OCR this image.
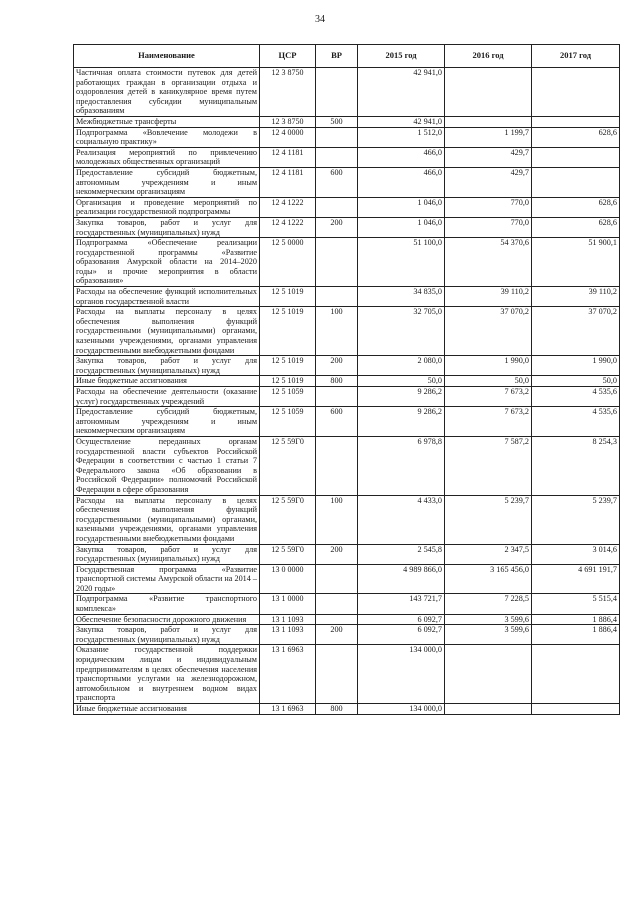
34
Наименование	ЦСР	ВР	2015 год	2016 год	2017 год
Частичная оплата стоимости путевок для детей работающих граждан в организации отдыха и оздоровления детей в каникулярное время путем предоставления субсидии муниципальным образованиям	12 3 8750		42 941,0		
Межбюджетные трансферты	12 3 8750	500	42 941,0		
Подпрограмма «Вовлечение молодежи в социальную практику»	12 4 0000		1 512,0	1 199,7	628,6
Реализация мероприятий по привлечению молодежных общественных организаций	12 4 1181		466,0	429,7	
Предоставление субсидий бюджетным, автономным учреждениям и иным некоммерческим организациям	12 4 1181	600	466,0	429,7	
Организация и проведение мероприятий по реализации государственной подпрограммы	12 4 1222		1 046,0	770,0	628,6
Закупка товаров, работ и услуг для государственных (муниципальных) нужд	12 4 1222	200	1 046,0	770,0	628,6
Подпрограмма «Обеспечение реализации государственной программы «Развитие образования Амурской области на 2014–2020 годы» и прочие мероприятия в области образования»	12 5 0000		51 100,0	54 370,6	51 900,1
Расходы на обеспечение функций исполнительных органов государственной власти	12 5 1019		34 835,0	39 110,2	39 110,2
Расходы на выплаты персоналу в целях обеспечения выполнения функций государственными (муниципальными) органами, казенными учреждениями, органами управления государственными внебюджетными фондами	12 5 1019	100	32 705,0	37 070,2	37 070,2
Закупка товаров, работ и услуг для государственных (муниципальных) нужд	12 5 1019	200	2 080,0	1 990,0	1 990,0
Иные бюджетные ассигнования	12 5 1019	800	50,0	50,0	50,0
Расходы на обеспечение деятельности (оказание услуг) государственных учреждений	12 5 1059		9 286,2	7 673,2	4 535,6
Предоставление субсидий бюджетным, автономным учреждениям и иным некоммерческим организациям	12 5 1059	600	9 286,2	7 673,2	4 535,6
Осуществление переданных органам государственной власти субъектов Российской Федерации в соответствии с частью 1 статьи 7 Федерального закона «Об образовании в Российской Федерации» полномочий Российской Федерации в сфере образования	12 5 59Г0		6 978,8	7 587,2	8 254,3
Расходы на выплаты персоналу в целях обеспечения выполнения функций государственными (муниципальными) органами, казенными учреждениями, органами управления государственными внебюджетными фондами	12 5 59Г0	100	4 433,0	5 239,7	5 239,7
Закупка товаров, работ и услуг для государственных (муниципальных) нужд	12 5 59Г0	200	2 545,8	2 347,5	3 014,6
Государственная программа «Развитие транспортной системы Амурской области на 2014 – 2020 годы»	13 0 0000		4 989 866,0	3 165 456,0	4 691 191,7
Подпрограмма «Развитие транспортного комплекса»	13 1 0000		143 721,7	7 228,5	5 515,4
Обеспечение безопасности дорожного движения	13 1 1093		6 092,7	3 599,6	1 886,4
Закупка товаров, работ и услуг для государственных (муниципальных) нужд	13 1 1093	200	6 092,7	3 599,6	1 886,4
Оказание государственной поддержки юридическим лицам и индивидуальным предпринимателям в целях обеспечения населения транспортными услугами на железнодорожном, автомобильном и внутреннем водном видах транспорта	13 1 6963		134 000,0		
Иные бюджетные ассигнования	13 1 6963	800	134 000,0		
